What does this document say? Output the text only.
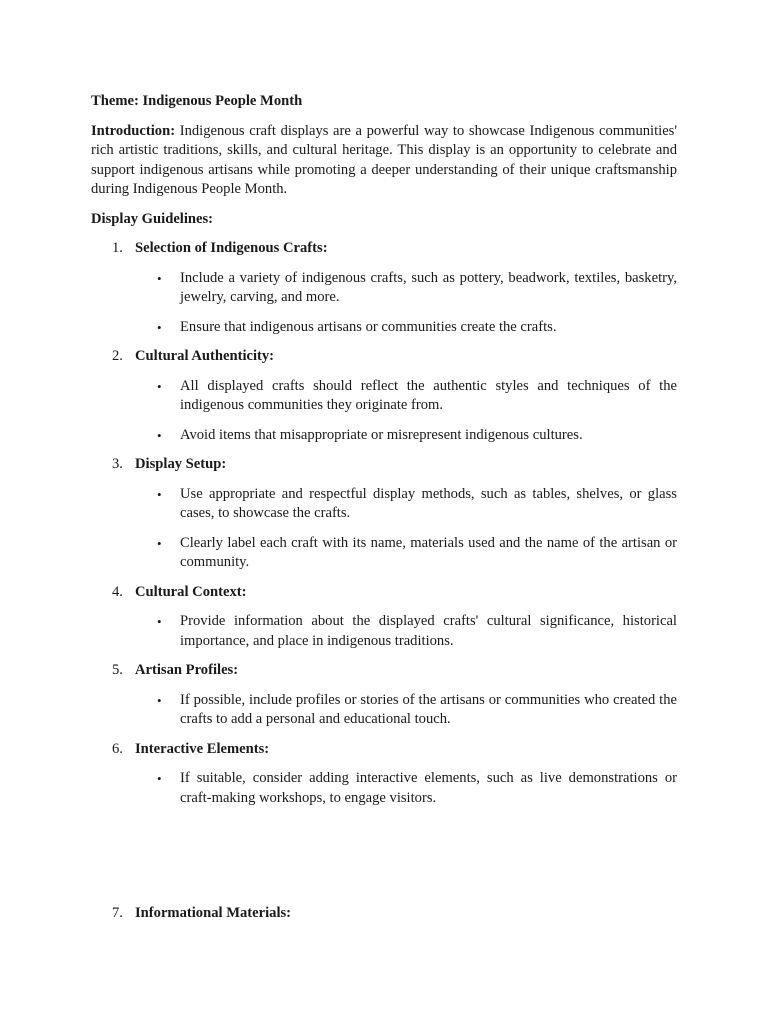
Theme: Indigenous People Month

Introduction: Indigenous craft displays are a powerful way to showcase Indigenous communities' rich artistic traditions, skills, and cultural heritage. This display is an opportunity to celebrate and support indigenous artisans while promoting a deeper understanding of their unique craftsmanship during Indigenous People Month.

Display Guidelines:

1. Selection of Indigenous Crafts:
• Include a variety of indigenous crafts, such as pottery, beadwork, textiles, basketry, jewelry, carving, and more.
• Ensure that indigenous artisans or communities create the crafts.
2. Cultural Authenticity:
• All displayed crafts should reflect the authentic styles and techniques of the indigenous communities they originate from.
• Avoid items that misappropriate or misrepresent indigenous cultures.
3. Display Setup:
• Use appropriate and respectful display methods, such as tables, shelves, or glass cases, to showcase the crafts.
• Clearly label each craft with its name, materials used and the name of the artisan or community.
4. Cultural Context:
• Provide information about the displayed crafts' cultural significance, historical importance, and place in indigenous traditions.
5. Artisan Profiles:
• If possible, include profiles or stories of the artisans or communities who created the crafts to add a personal and educational touch.
6. Interactive Elements:
• If suitable, consider adding interactive elements, such as live demonstrations or craft-making workshops, to engage visitors.
7. Informational Materials:
